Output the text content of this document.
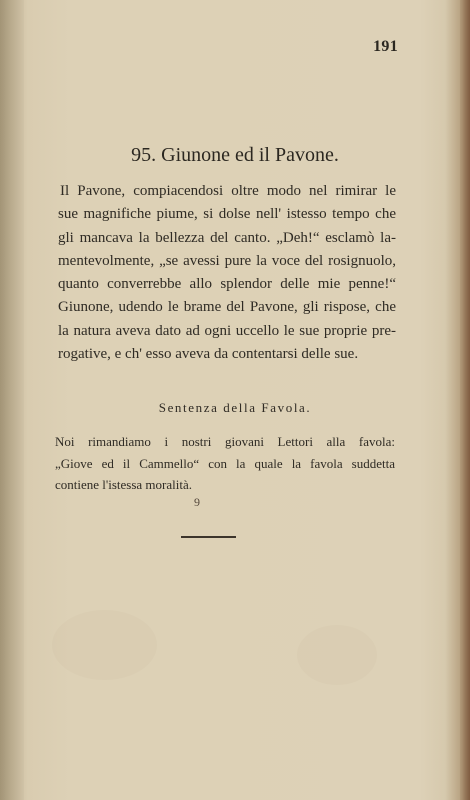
191
95. Giunone ed il Pavone.
Il Pavone, compiacendosi oltre modo nel rimirar le
sue magnifiche piume, si dolse nell' istesso tempo che
gli mancava la bellezza del canto. „Deh!“ esclamò la-
mentevolmente, „se avessi pure la voce del rosignuolo,
quanto converrebbe allo splendor delle mie penne!“
Giunone, udendo le brame del Pavone, gli rispose, che
la natura aveva dato ad ogni uccello le sue proprie pre-
rogative, e ch' esso aveva da contentarsi delle sue.
Sentenza della Favola.
Noi rimandiamo i nostri giovani Lettori alla favola:
„Giove ed il Cammello“ con la quale la favola suddetta
contiene l'istessa moralità.
9
